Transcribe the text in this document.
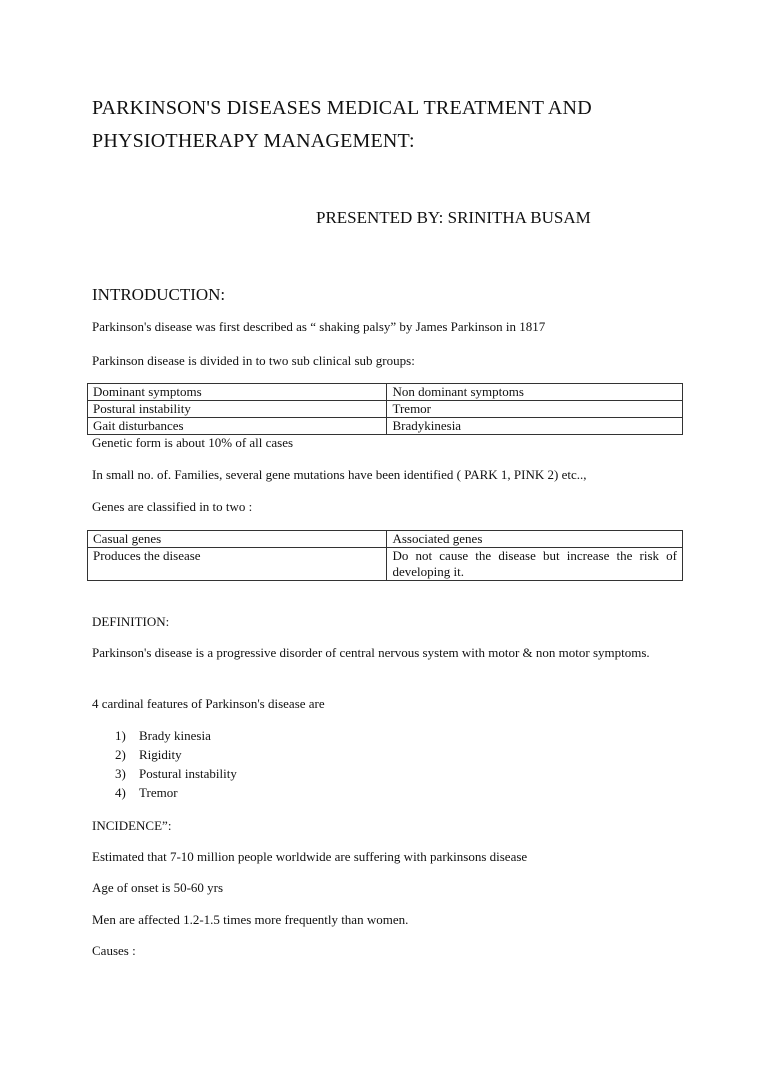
PARKINSON'S DISEASES MEDICAL TREATMENT AND
PHYSIOTHERAPY MANAGEMENT:
PRESENTED BY: SRINITHA BUSAM
INTRODUCTION:
Parkinson's disease was first described as “ shaking palsy” by James Parkinson in 1817
Parkinson disease is divided in to two sub clinical sub groups:
Dominant symptoms	Non dominant symptoms
Postural instability	Tremor
Gait disturbances	Bradykinesia
Genetic form is about 10% of all cases
In small no. of. Families, several gene mutations have been identified ( PARK 1, PINK 2) etc..,
Genes are classified in to two :
Casual genes	Associated genes
Produces the disease	Do not cause the disease but increase the risk of developing it.
DEFINITION:
Parkinson's disease is a progressive disorder of central nervous system with motor & non motor symptoms.
4 cardinal features of Parkinson's disease are
1) Brady kinesia
2) Rigidity
3) Postural instability
4) Tremor
INCIDENCE”:
Estimated that 7-10 million people worldwide are suffering with parkinsons disease
Age of onset is 50-60 yrs
Men are affected 1.2-1.5 times more frequently than women.
Causes :
